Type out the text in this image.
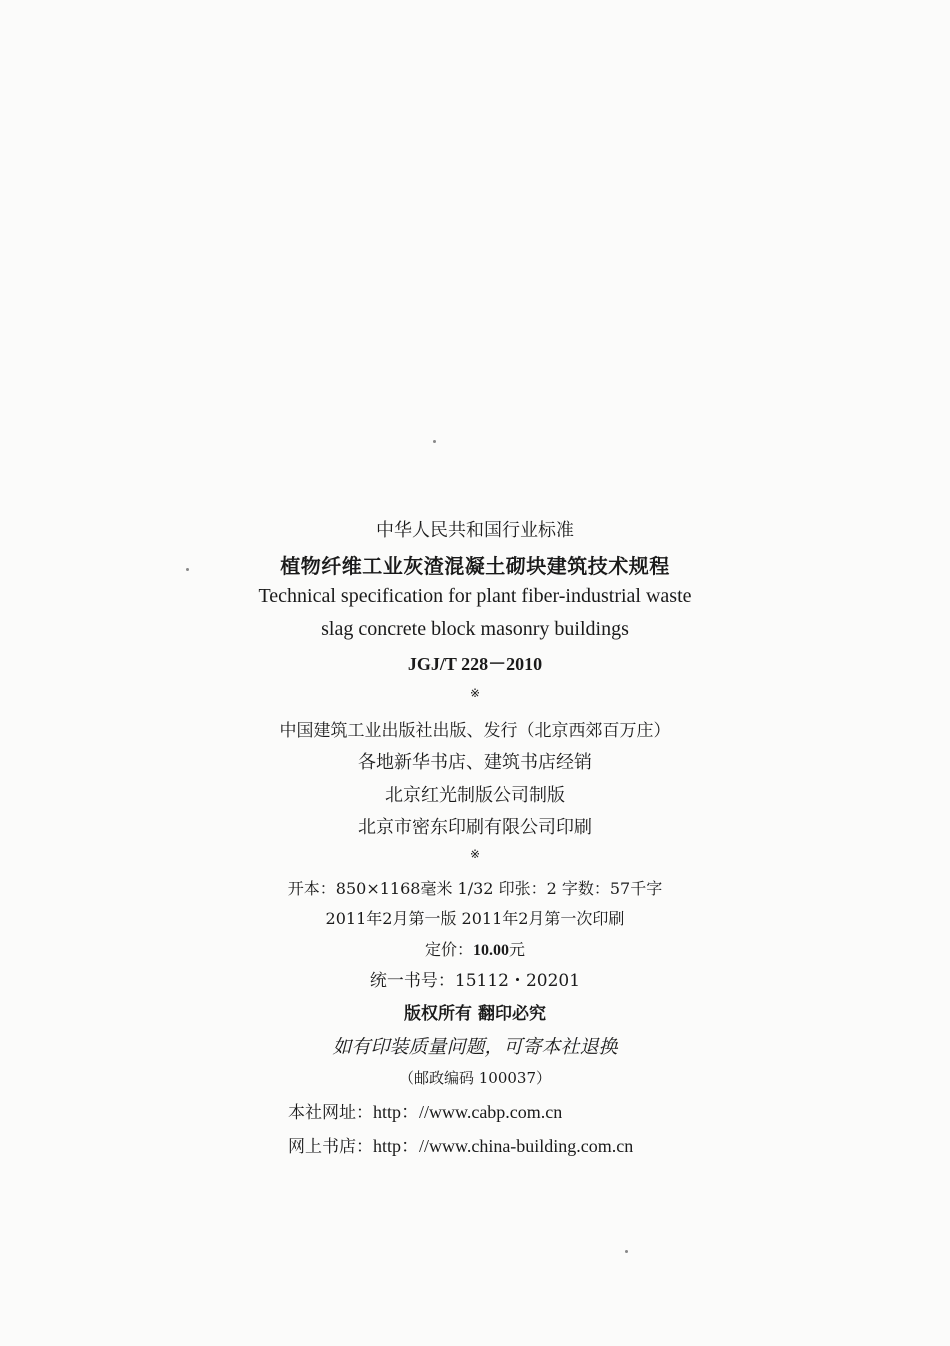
中华人民共和国行业标准
植物纤维工业灰渣混凝土砌块建筑技术规程
Technical specification for plant fiber-industrial waste
slag concrete block masonry buildings
JGJ/T 228－2010
※
中国建筑工业出版社出版、发行（北京西郊百万庄）
各地新华书店、建筑书店经销
北京红光制版公司制版
北京市密东印刷有限公司印刷
※
开本：850×1168毫米 1/32 印张：2 字数：57千字
2011年2月第一版 2011年2月第一次印刷
定价：10.00元
统一书号：15112・20201
版权所有 翻印必究
如有印装质量问题，可寄本社退换
（邮政编码 100037）
本社网址：http：//www.cabp.com.cn
网上书店：http：//www.china-building.com.cn
